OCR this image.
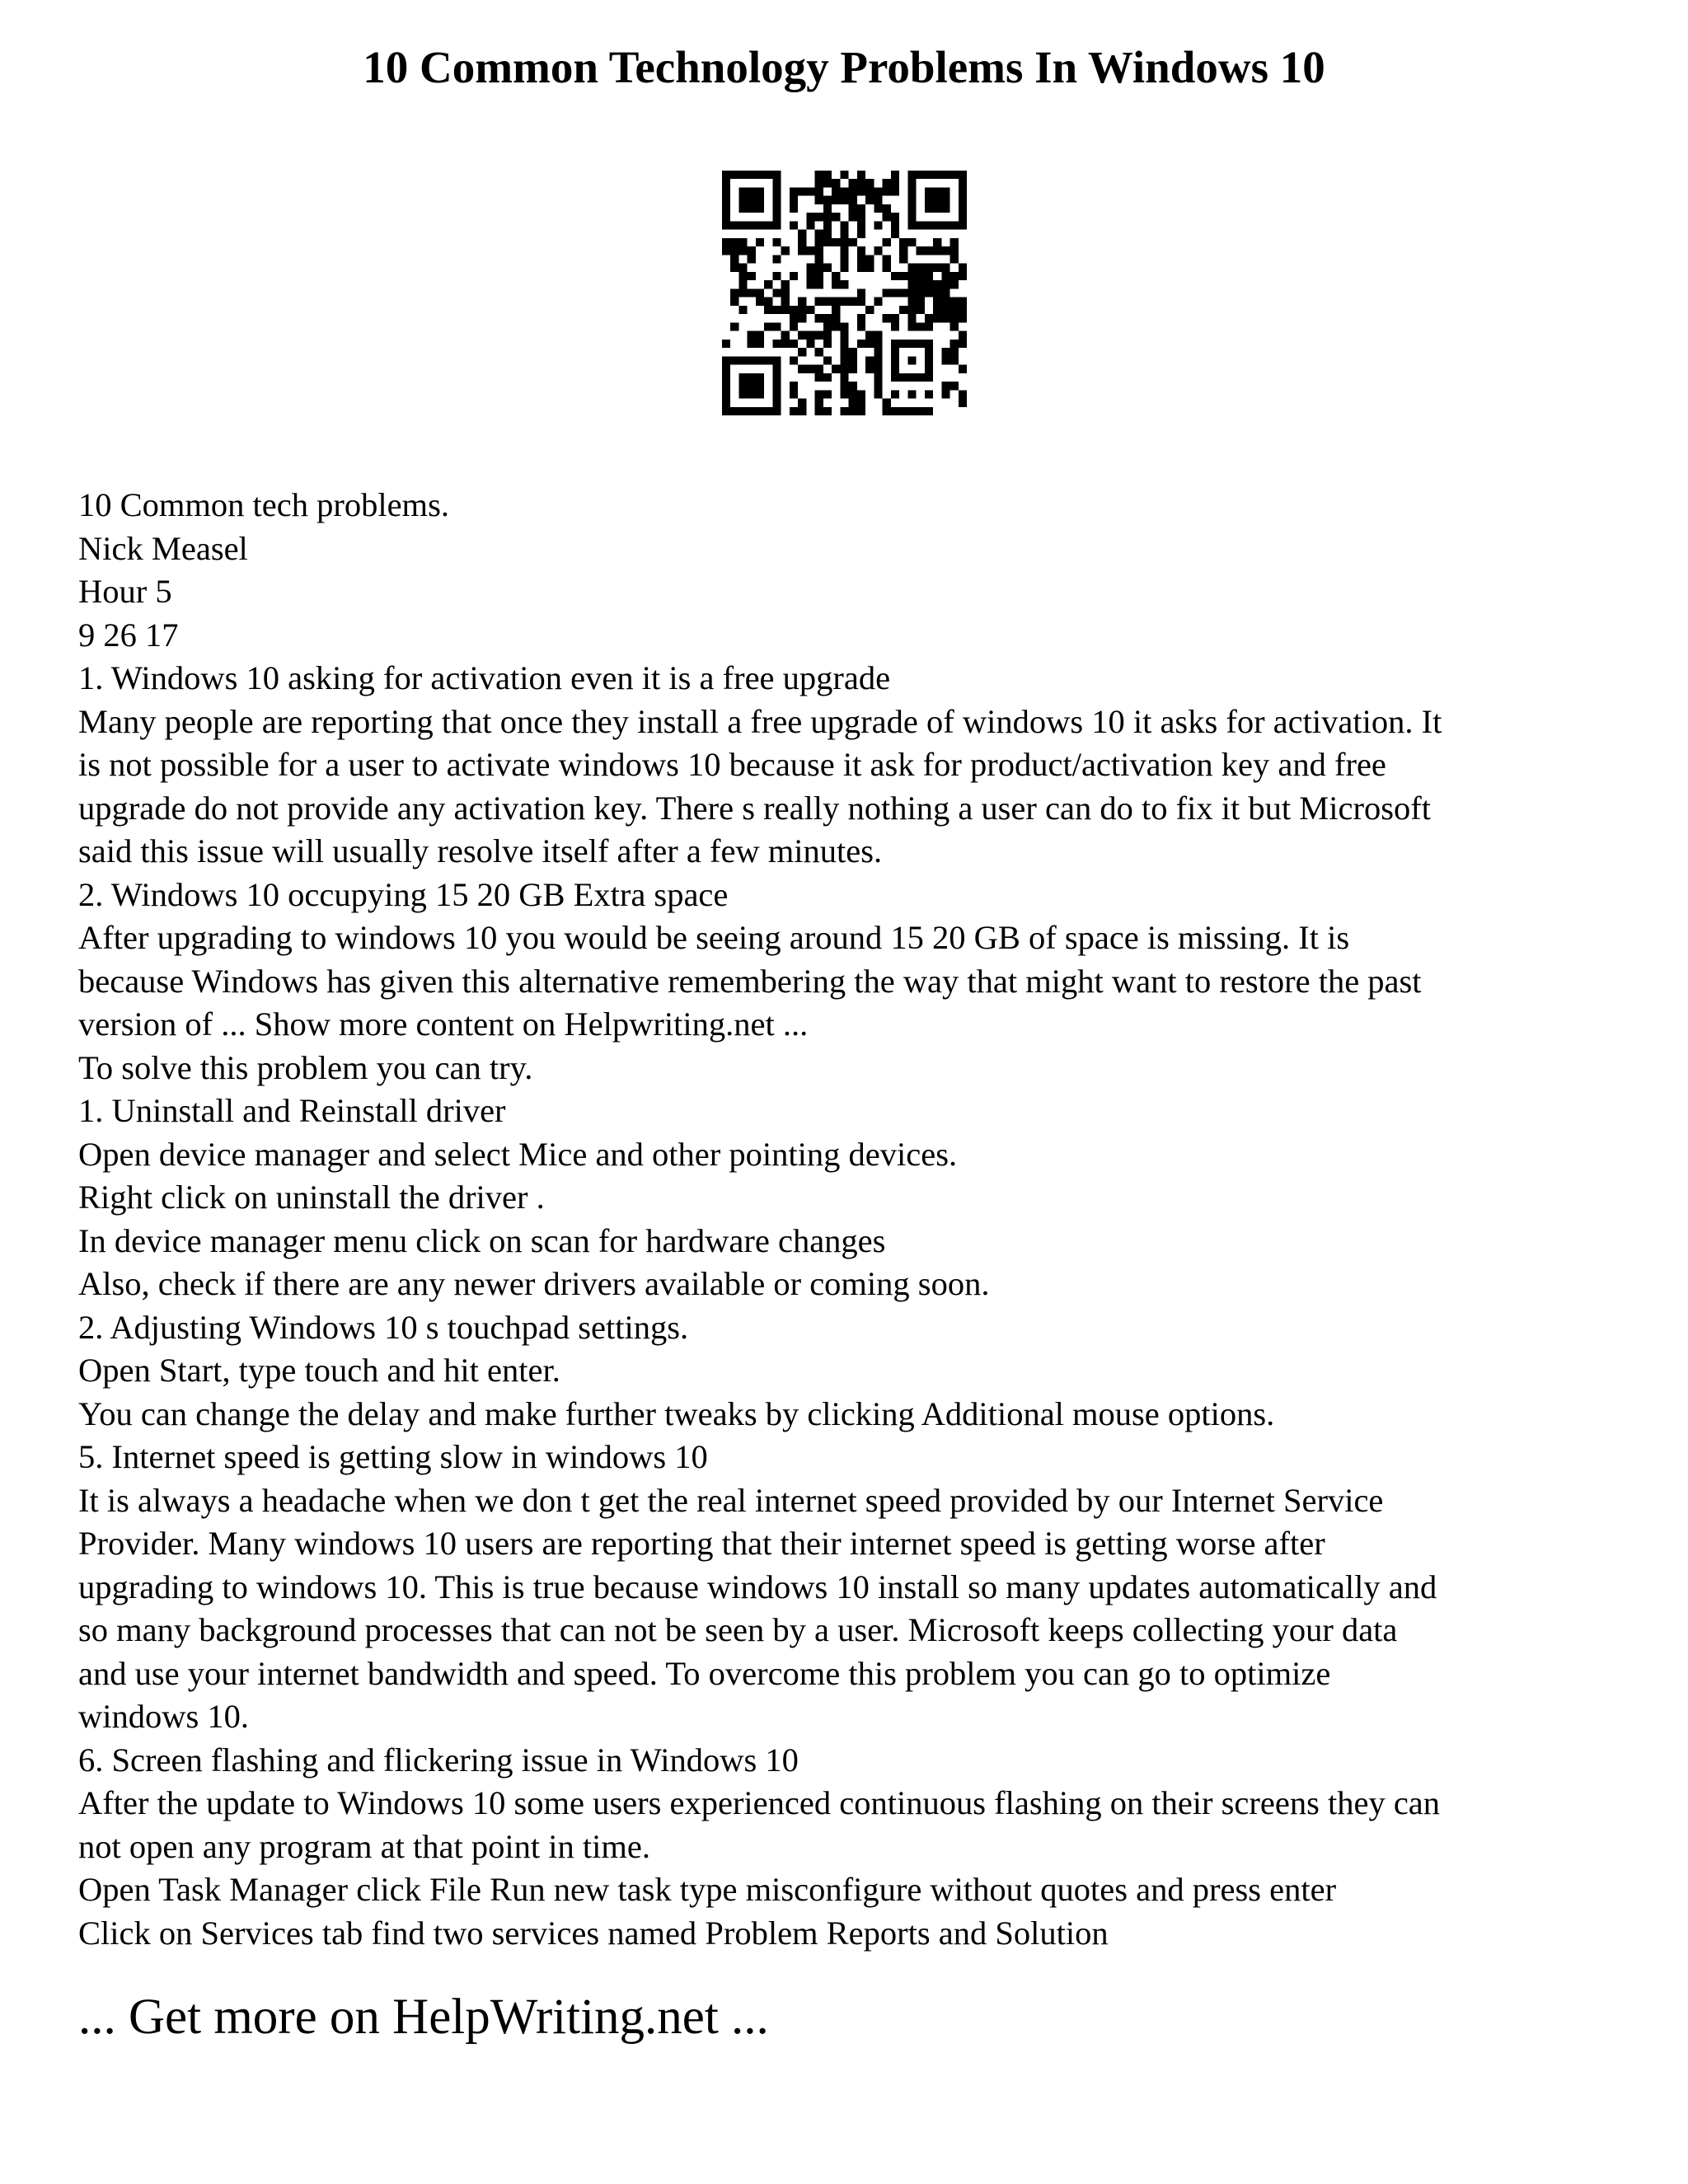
10 Common Technology Problems In Windows 10
10 Common tech problems.
Nick Measel
Hour 5
9 26 17
1. Windows 10 asking for activation even it is a free upgrade
Many people are reporting that once they install a free upgrade of windows 10 it asks for activation. It
is not possible for a user to activate windows 10 because it ask for product/activation key and free
upgrade do not provide any activation key. There s really nothing a user can do to fix it but Microsoft
said this issue will usually resolve itself after a few minutes.
2. Windows 10 occupying 15 20 GB Extra space
After upgrading to windows 10 you would be seeing around 15 20 GB of space is missing. It is
because Windows has given this alternative remembering the way that might want to restore the past
version of ... Show more content on Helpwriting.net ...
To solve this problem you can try.
1. Uninstall and Reinstall driver
Open device manager and select Mice and other pointing devices.
Right click on uninstall the driver .
In device manager menu click on scan for hardware changes
Also, check if there are any newer drivers available or coming soon.
2. Adjusting Windows 10 s touchpad settings.
Open Start, type touch and hit enter.
You can change the delay and make further tweaks by clicking Additional mouse options.
5. Internet speed is getting slow in windows 10
It is always a headache when we don t get the real internet speed provided by our Internet Service
Provider. Many windows 10 users are reporting that their internet speed is getting worse after
upgrading to windows 10. This is true because windows 10 install so many updates automatically and
so many background processes that can not be seen by a user. Microsoft keeps collecting your data
and use your internet bandwidth and speed. To overcome this problem you can go to optimize
windows 10.
6. Screen flashing and flickering issue in Windows 10
After the update to Windows 10 some users experienced continuous flashing on their screens they can
not open any program at that point in time.
Open Task Manager click File Run new task type misconfigure without quotes and press enter
Click on Services tab find two services named Problem Reports and Solution
... Get more on HelpWriting.net ...
